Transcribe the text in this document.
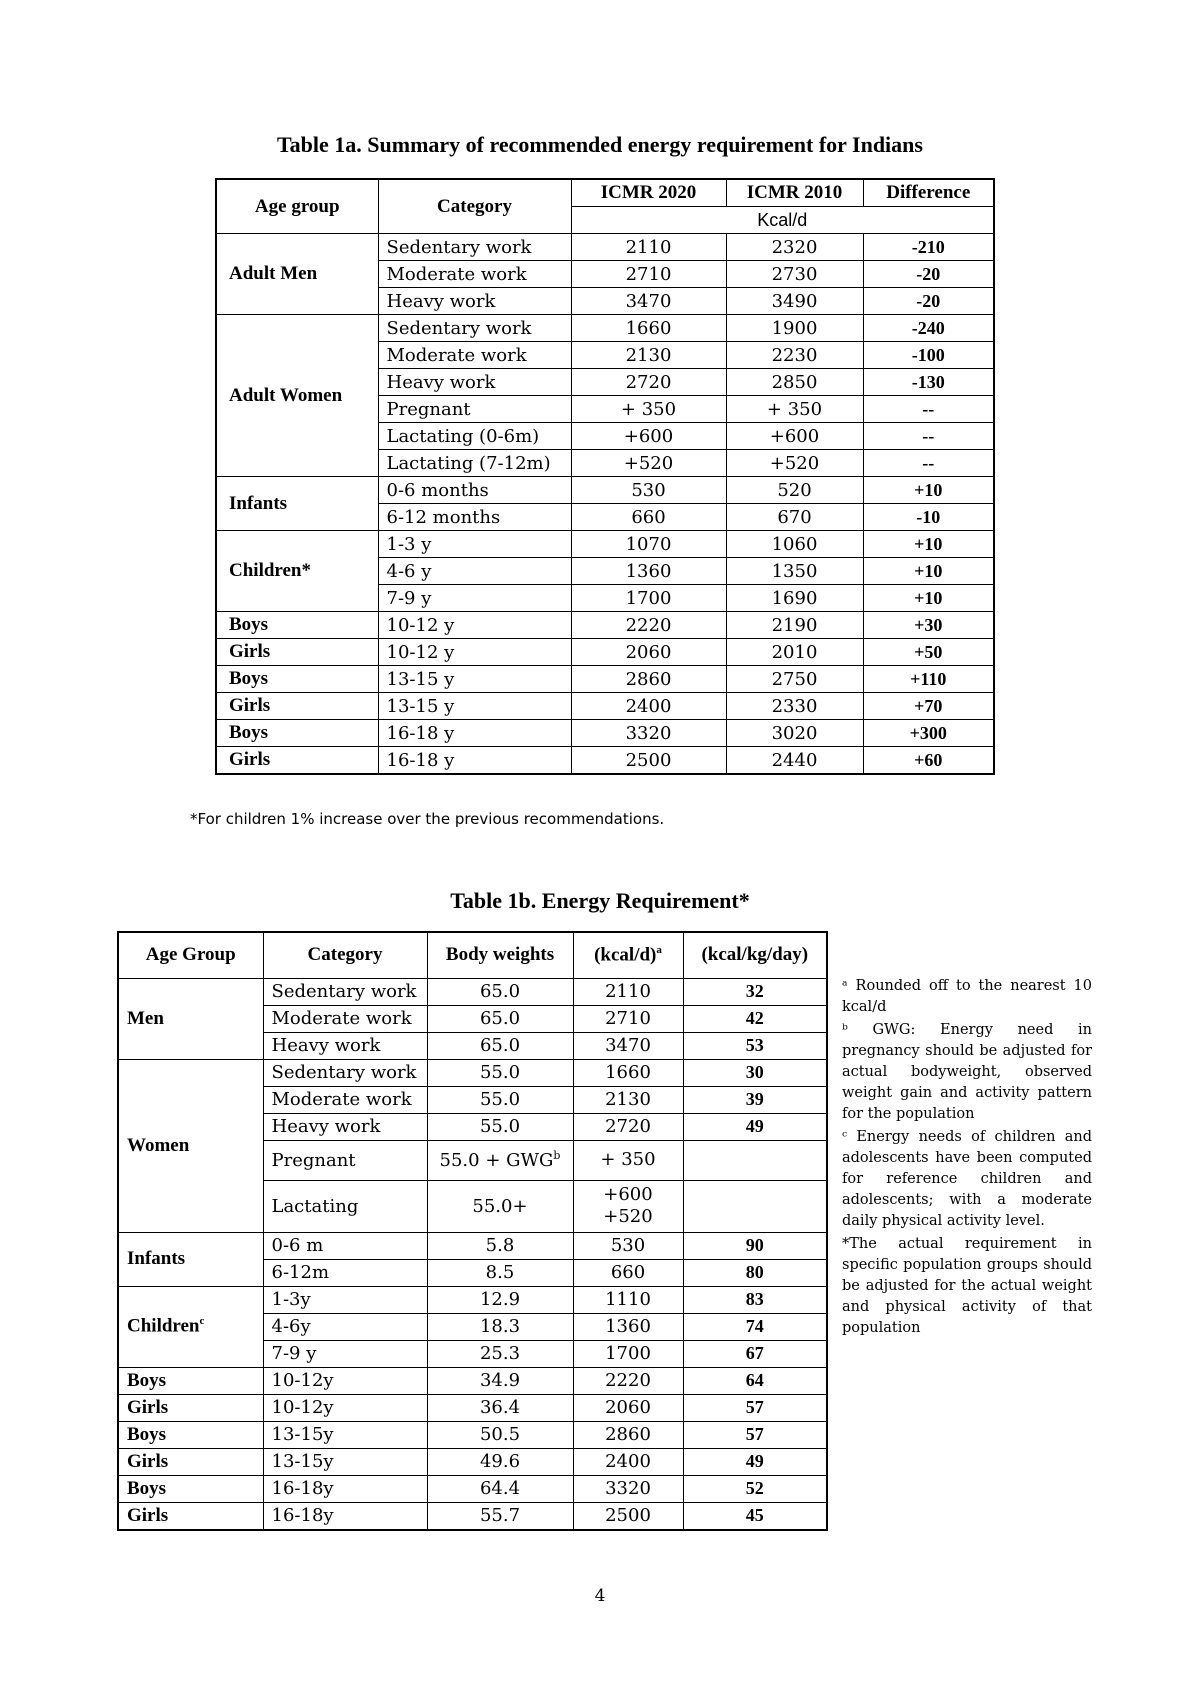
Table 1a. Summary of recommended energy requirement for Indians
Age group	Category	ICMR 2020	ICMR 2010	Difference
		Kcal/d		
Adult Men	Sedentary work	2110	2320	-210
	Moderate work	2710	2730	-20
	Heavy work	3470	3490	-20
Adult Women	Sedentary work	1660	1900	-240
	Moderate work	2130	2230	-100
	Heavy work	2720	2850	-130
	Pregnant	+ 350	+ 350	--
	Lactating (0-6m)	+600	+600	--
	Lactating (7-12m)	+520	+520	--
Infants	0-6 months	530	520	+10
	6-12 months	660	670	-10
Children*	1-3 y	1070	1060	+10
	4-6 y	1360	1350	+10
	7-9 y	1700	1690	+10
Boys	10-12 y	2220	2190	+30
Girls	10-12 y	2060	2010	+50
Boys	13-15 y	2860	2750	+110
Girls	13-15 y	2400	2330	+70
Boys	16-18 y	3320	3020	+300
Girls	16-18 y	2500	2440	+60
*For children 1% increase over the previous recommendations.
Table 1b. Energy Requirement*
Age Group	Category	Body weights	(kcal/d)$^a$	(kcal/kg/day)
Men	Sedentary work	65.0	2110	32
	Moderate work	65.0	2710	42
	Heavy work	65.0	3470	53
Women	Sedentary work	55.0	1660	30
	Moderate work	55.0	2130	39
	Heavy work	55.0	2720	49
	Pregnant	$55.0 + GWG^b$	+ 350	

	Lactating	55.0+	+600
+520	

Infants	0-6 m	5.8	530	90
	6-12m	8.5	660	80
Children$^c$	1-3y	12.9	1110	83
	4-6y	18.3	1360	74
	7-9 y	25.3	1700	67
Boys	10-12y	34.9	2220	64
Girls	10-12y	36.4	2060	57
Boys	13-15y	50.5	2860	57
Girls	13-15y	49.6	2400	49
Boys	16-18y	64.4	3320	52
Girls	16-18y	55.7	2500	45

ᵃ Rounded off to the nearest 10 kcal/d

ᵇ GWG: Energy need in pregnancy should be adjusted for actual bodyweight, observed weight gain and activity pattern for the population

ᶜ Energy needs of children and adolescents have been computed for reference children and adolescents; with a moderate daily physical activity level.

*The actual requirement in specific population groups should be adjusted for the actual weight and physical activity of that population

4
